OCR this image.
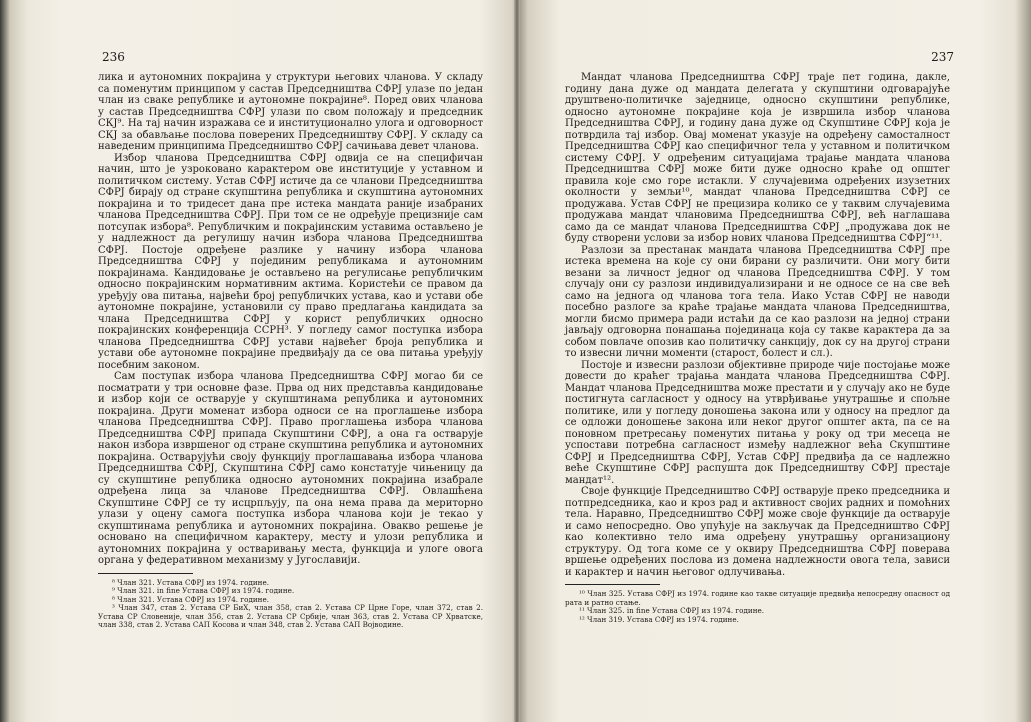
236

лика и аутономних покрајина у структури његових чланова. У складу са поменутим принципом у састав Председништва СФРЈ улазе по један члан из сваке републике и аутономне покрајине⁸. Поред ових чланова у састав Председништва СФРЈ улази по свом положају и председник СКЈ⁹. На тај начин изражава се и институционално улога и одговорност СКЈ за обављање послова поверених Председништву СФРЈ. У складу са наведеним принципима Председништво СФРЈ сачињава девет чланова.

Избор чланова Председништва СФРЈ одвија се на специфичан начин, што је узроковано карактером ове институције у уставном и политичком систему. Устав СФРЈ истиче да се чланови Председништва СФРЈ бирају од стране скупштина република и скупштина аутономних покрајина и то тридесет дана пре истека мандата раније изабраних чланова Председништва СФРЈ. При том се не одређује прецизније сам потсупак избора⁸. Републичким и покрајинским уставима остављено је у надлежност да регулишу начин избора чланова Председништва СФРЈ. Постоје одређене разлике у начину избора чланова Председништва СФРЈ у појединим републикама и аутономним покрајинама. Кандидовање је остављено на регулисање републичким односно покрајинским нормативним актима. Користећи се правом да уређују ова питања, највећи број републичких устава, као и устави обе аутономне покрајине, установили су право предлагања кандидата за члана Председништва СФРЈ у корист републичких односно покрајинских конференција ССРН³. У погледу самог поступка избора чланова Председништва СФРЈ устави највећег броја република и устави обе аутономне покрајине предвиђају да се ова питања уређују посебним законом.

Сам поступак избора чланова Председништва СФРЈ могао би се посматрати у три основне фазе. Прва од них представља кандидовање и избор који се остварује у скупштинама република и аутономних покрајина. Други моменат избора односи се на проглашење избора чланова Председништва СФРЈ. Право проглашења избора чланова Председништва СФРЈ припада Скупштини СФРЈ, а она га остварује након избора извршеног од стране скупштина република и аутономних покрајина. Остварујући своју функцију проглашавања избора чланова Председништва СФРЈ, Скупштина СФРЈ само констатује чињеницу да су скупштине република односно аутономних покрајина изабрале одређена лица за чланове Председништва СФРЈ. Овлашћена Скупштине СФРЈ се ту исцрпљују, па она нема права да мериторно улази у оцену самога поступка избора чланова који је текао у скупштинама република и аутономних покрајина. Овакво решење је основано на специфичном карактеру, месту и улози република и аутономних покрајина у остваривању места, функција и улоге овога органа у федеративном механизму у Југославији.

⁸ Члан 321. Устава СФРЈ из 1974. године.

⁹ Члан 321. in fine Устава СФРЈ из 1974. године.

⁸ Члан 321. Устава СФРЈ из 1974. године.

³ Члан 347, став 2. Устава СР БиХ, члан 358, став 2. Устава СР Црне Горе, члан 372, став 2. Устава СР Словеније, члан 356, став 2. Устава СР Србије, члан 363, став 2. Устава СР Хрватске, члан 338, став 2. Устава САП Косова и члан 348, став 2. Устава САП Војводине.

237

Мандат чланова Председништва СФРЈ траје пет година, дакле, годину дана дуже од мандата делегата у скупштини одговарајуће друштвено-политичке заједнице, односно скупштини републике, односно аутономне покрајине која је извршила избор чланова Председништва СФРЈ, и годину дана дуже од Скупштине СФРЈ која је потврдила тај избор. Овај моменат указује на одређену самосталност Председништва СФРЈ као специфичног тела у уставном и политичком систему СФРЈ. У одређеним ситуацијама трајање мандата чланова Председништва СФРЈ може бити дуже односно краће од општег правила које смо горе истакли. У случајевима одређених изузетних околности у земљи¹⁰, мандат чланова Председништва СФРЈ се продужава. Устав СФРЈ не прецизира колико се у таквим случајевима продужава мандат члановима Председништва СФРЈ, већ наглашава само да се мандат чланова Председништва СФРЈ „продужава док не буду створени услови за избор нових чланова Председништва СФРЈ“¹¹.

Разлози за престанак мандата чланова Председништва СФРЈ пре истека времена на које су они бирани су различити. Они могу бити везани за личност једног од чланова Председништва СФРЈ. У том случају они су разлози индивидуализирани и не односе се на све већ само на једнога од чланова тога тела. Иако Устав СФРЈ не наводи посебно разлоге за краће трајање мандата чланова Председништва, могли бисмо примера ради истаћи да се као разлози на једној страни јављају одговорна понашања појединаца која су такве карактера да за собом повлаче опозив као политичку санкцију, док су на другој страни то извесни лични моменти (старост, болест и сл.).

Постоје и извесни разлози објективне природе чије постојање може довести до краћег трајања мандата чланова Председништва СФРЈ. Мандат чланова Председништва може престати и у случају ако не буде постигнута сагласност у односу на утврђивање унутрашње и спољне политике, или у погледу доношења закона или у односу на предлог да се одложи доношење закона или неког другог општег акта, па се на поновном претресању поменутих питања у року од три месеца не успостави потребна сагласност између надлежног већа Скупштине СФРЈ и Председништва СФРЈ, Устав СФРЈ предвиђа да се надлежно веће Скупштине СФРЈ распушта док Председништву СФРЈ престаје мандат¹².

Своје функције Председништво СФРЈ остварује преко председника и потпредседника, као и кроз рад и активност својих радних и помоћних тела. Наравно, Председништво СФРЈ може своје функције да остварује и само непосредно. Ово упућује на закључак да Председништво СФРЈ као колективно тело има одређену унутрашњу организациону структуру. Од тога коме се у оквиру Председништва СФРЈ поверава вршење одређених послова из домена надлежности овога тела, зависи и карактер и начин његовог одлучивања.

¹⁰ Члан 325. Устава СФРЈ из 1974. године као такве ситуације предвиђа непосредну опасност од рата и ратно стање.

¹¹ Члан 325. in fine Устава СФРЈ из 1974. године.

¹² Члан 319. Устава СФРЈ из 1974. године.
